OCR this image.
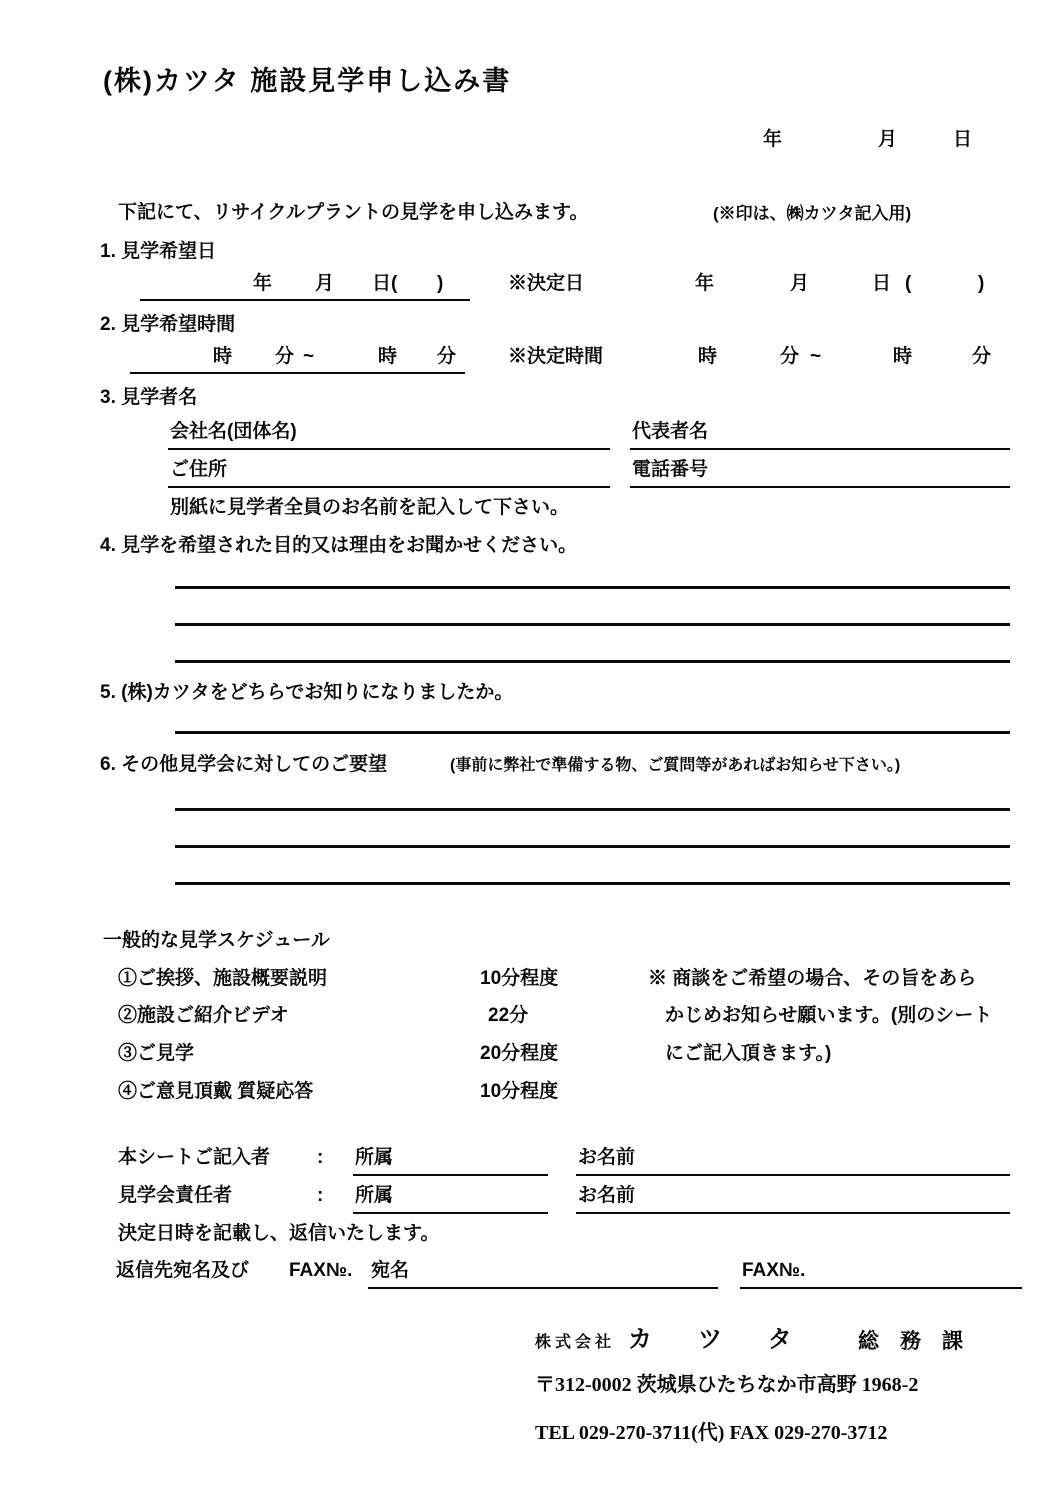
(株)カツタ 施設見学申し込み書
年	月	日
下記にて、リサイクルプラントの見学を申し込みます。	(※印は、㈱カツタ記入用)
1. 見学希望日
年 月 日( )	※決定日	年	月	日 (	)
2. 見学希望時間
時 分 ~	時 分	※決定時間	時	分 ~	時	分
3. 見学者名
会社名(団体名)	代表者名
ご住所	電話番号
別紙に見学者全員のお名前を記入して下さい。
4. 見学を希望された目的又は理由をお聞かせください。
5. (株)カツタをどちらでお知りになりましたか。
6. その他見学会に対してのご要望	(事前に弊社で準備する物、ご質問等があればお知らせ下さい。)
一般的な見学スケジュール
①ご挨拶、施設概要説明	10分程度
②施設ご紹介ビデオ	22分
③ご見学	20分程度
④ご意見頂戴 質疑応答	10分程度
※ 商談をご希望の場合、その旨をあら
かじめお知らせ願います。(別のシート
にご記入頂きます。)
本シートご記入者 : 所属	お名前
見学会責任者	: 所属	お名前
決定日時を記載し、返信いたします。
返信先宛名及び FAX№. 宛名	FAX№.
株式会社 カツタ 総務課
〒312-0002 茨城県ひたちなか市高野 1968-2
TEL 029-270-3711(代) FAX 029-270-3712
